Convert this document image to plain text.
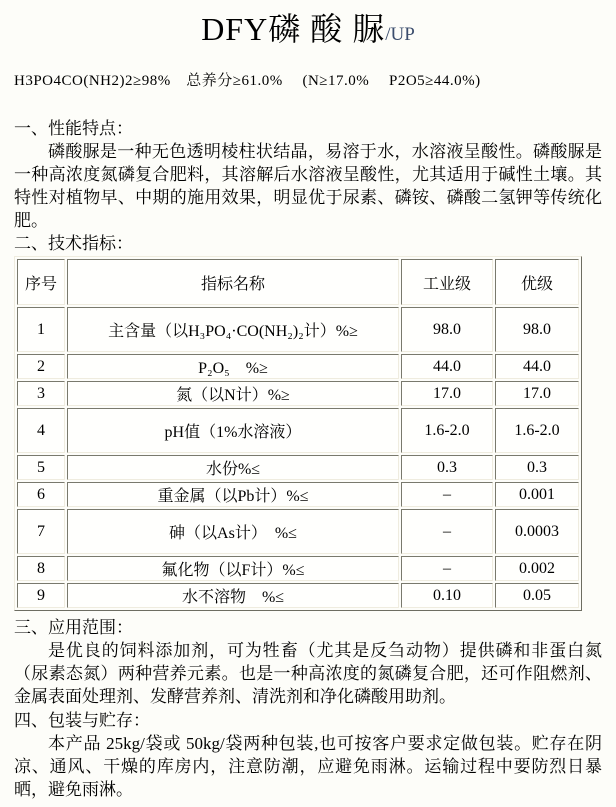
DFY磷 酸 脲/UP
H3PO4CO(NH2)2≥98%　总养分≥61.0%　 (N≥17.0%　 P2O5≥44.0%)
一、性能特点：

磷酸脲是一种无色透明棱柱状结晶，易溶于水，水溶液呈酸性。磷酸脲是一种高浓度氮磷复合肥料，其溶解后水溶液呈酸性，尤其适用于碱性土壤。其特性对植物早、中期的施用效果，明显优于尿素、磷铵、磷酸二氢钾等传统化肥。

二、技术指标：
序号	指标名称	工业级	优级
1	主含量（以H₃PO₄·CO(NH₂)₂计）%≥	98.0	98.0
2	P₂O₅　%≥	44.0	44.0
3	氮（以N计）%≥	17.0	17.0
4	pH值（1%水溶液）	1.6-2.0	1.6-2.0
5	水份%≤	0.3	0.3
6	重金属（以Pb计）%≤	–	0.001
7	砷（以As计）　%≤	–	0.0003
8	氟化物（以F计）%≤	–	0.002
9	水不溶物　%≤	0.10	0.05
三、应用范围：

是优良的饲料添加剂，可为牲畜（尤其是反刍动物）提供磷和非蛋白氮（尿素态氮）两种营养元素。也是一种高浓度的氮磷复合肥，还可作阻燃剂、金属表面处理剂、发酵营养剂、清洗剂和净化磷酸用助剂。

四、包装与贮存：

本产品 25kg/袋或 50kg/袋两种包装,也可按客户要求定做包装。贮存在阴凉、通风、干燥的库房内，注意防潮，应避免雨淋。运输过程中要防烈日暴晒，避免雨淋。
